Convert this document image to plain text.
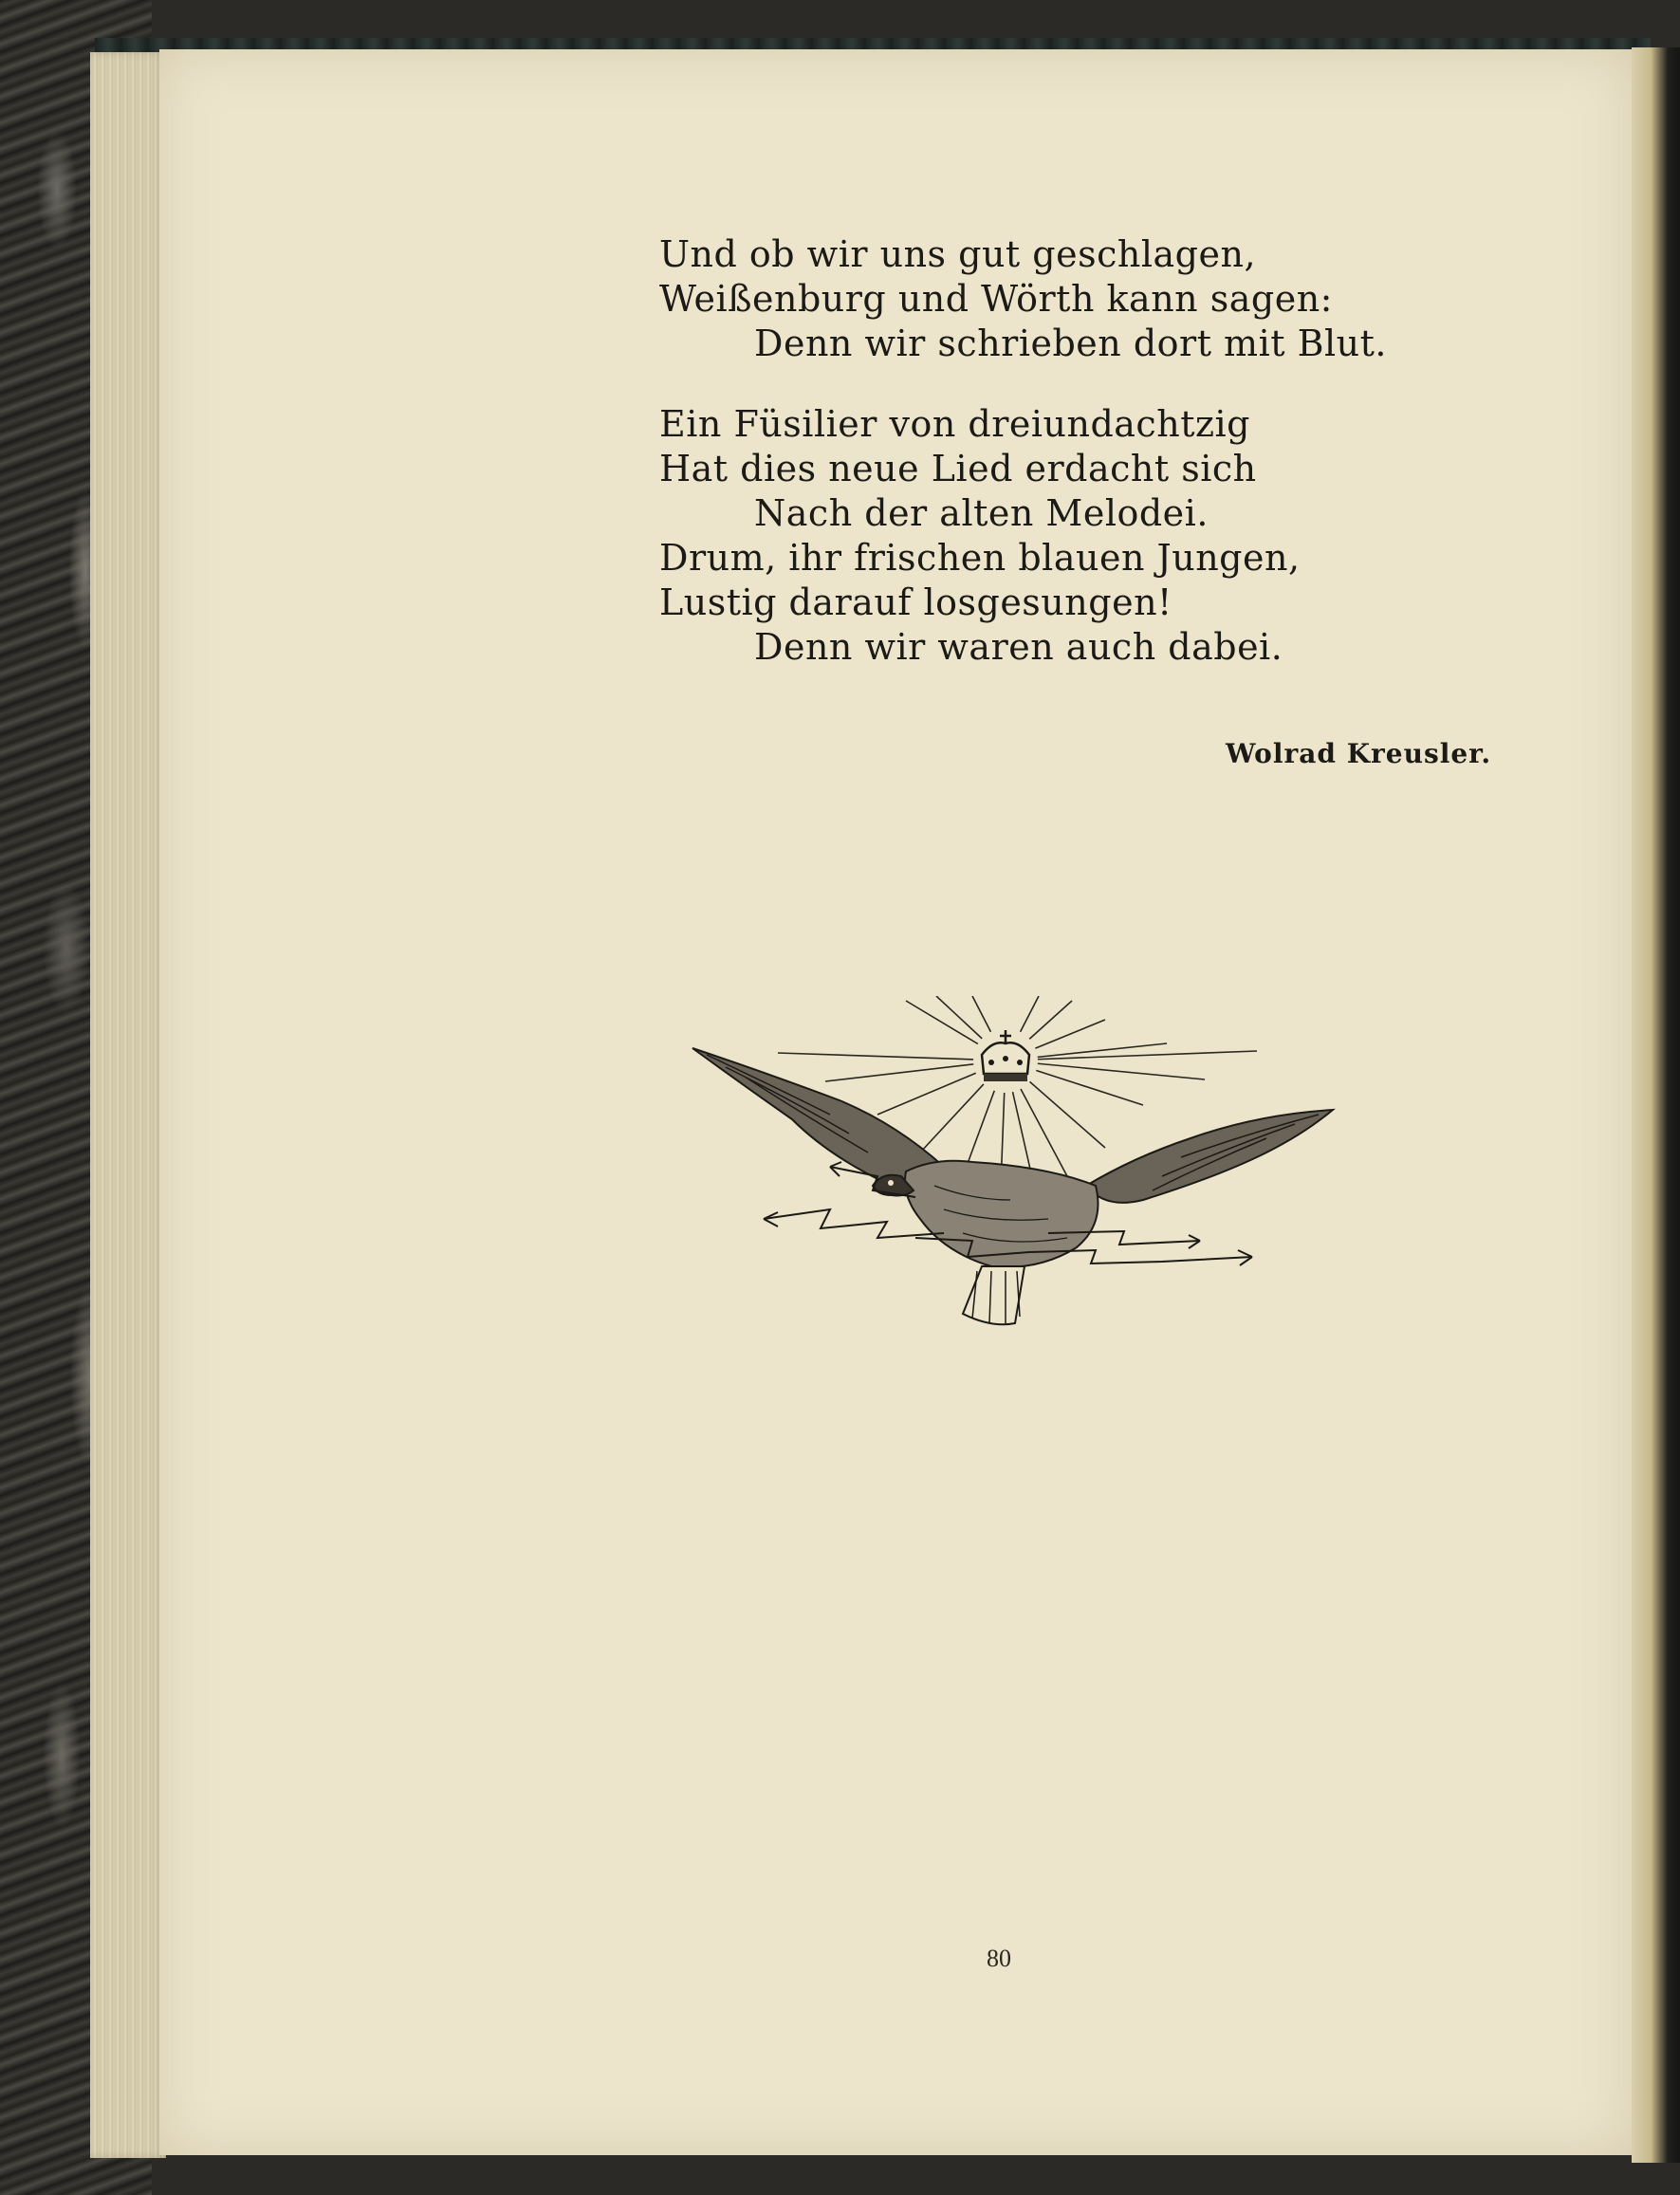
Und ob wir uns gut geschlagen,
Weißenburg und Wörth kann sagen:
Denn wir schrieben dort mit Blut.
Ein Füsilier von dreiundachtzig
Hat dies neue Lied erdacht sich
Nach der alten Melodei.
Drum, ihr frischen blauen Jungen,
Lustig darauf losgesungen!
Denn wir waren auch dabei.
Wolrad Kreusler.
80
